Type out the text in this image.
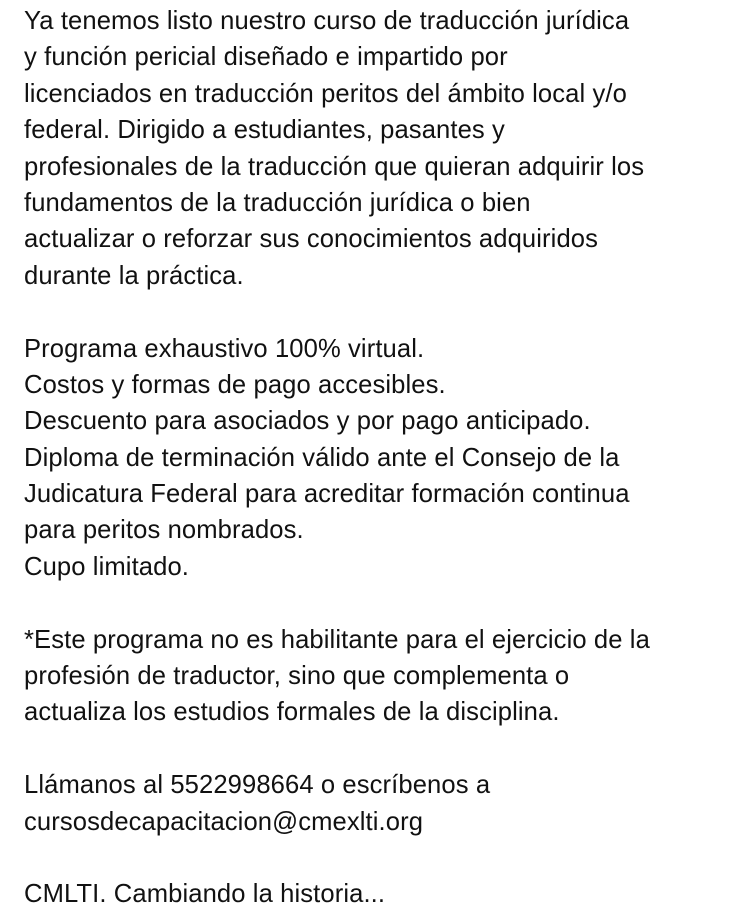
Ya tenemos listo nuestro curso de traducción jurídica
y función pericial diseñado e impartido por
licenciados en traducción peritos del ámbito local y/o
federal. Dirigido a estudiantes, pasantes y
profesionales de la traducción que quieran adquirir los
fundamentos de la traducción jurídica o bien
actualizar o reforzar sus conocimientos adquiridos
durante la práctica.
Programa exhaustivo 100% virtual.
Costos y formas de pago accesibles.
Descuento para asociados y por pago anticipado.
Diploma de terminación válido ante el Consejo de la
Judicatura Federal para acreditar formación continua
para peritos nombrados.
Cupo limitado.
*Este programa no es habilitante para el ejercicio de la
profesión de traductor, sino que complementa o
actualiza los estudios formales de la disciplina.
Llámanos al 5522998664 o escríbenos a
cursosdecapacitacion@cmexlti.org
CMLTI. Cambiando la historia...
